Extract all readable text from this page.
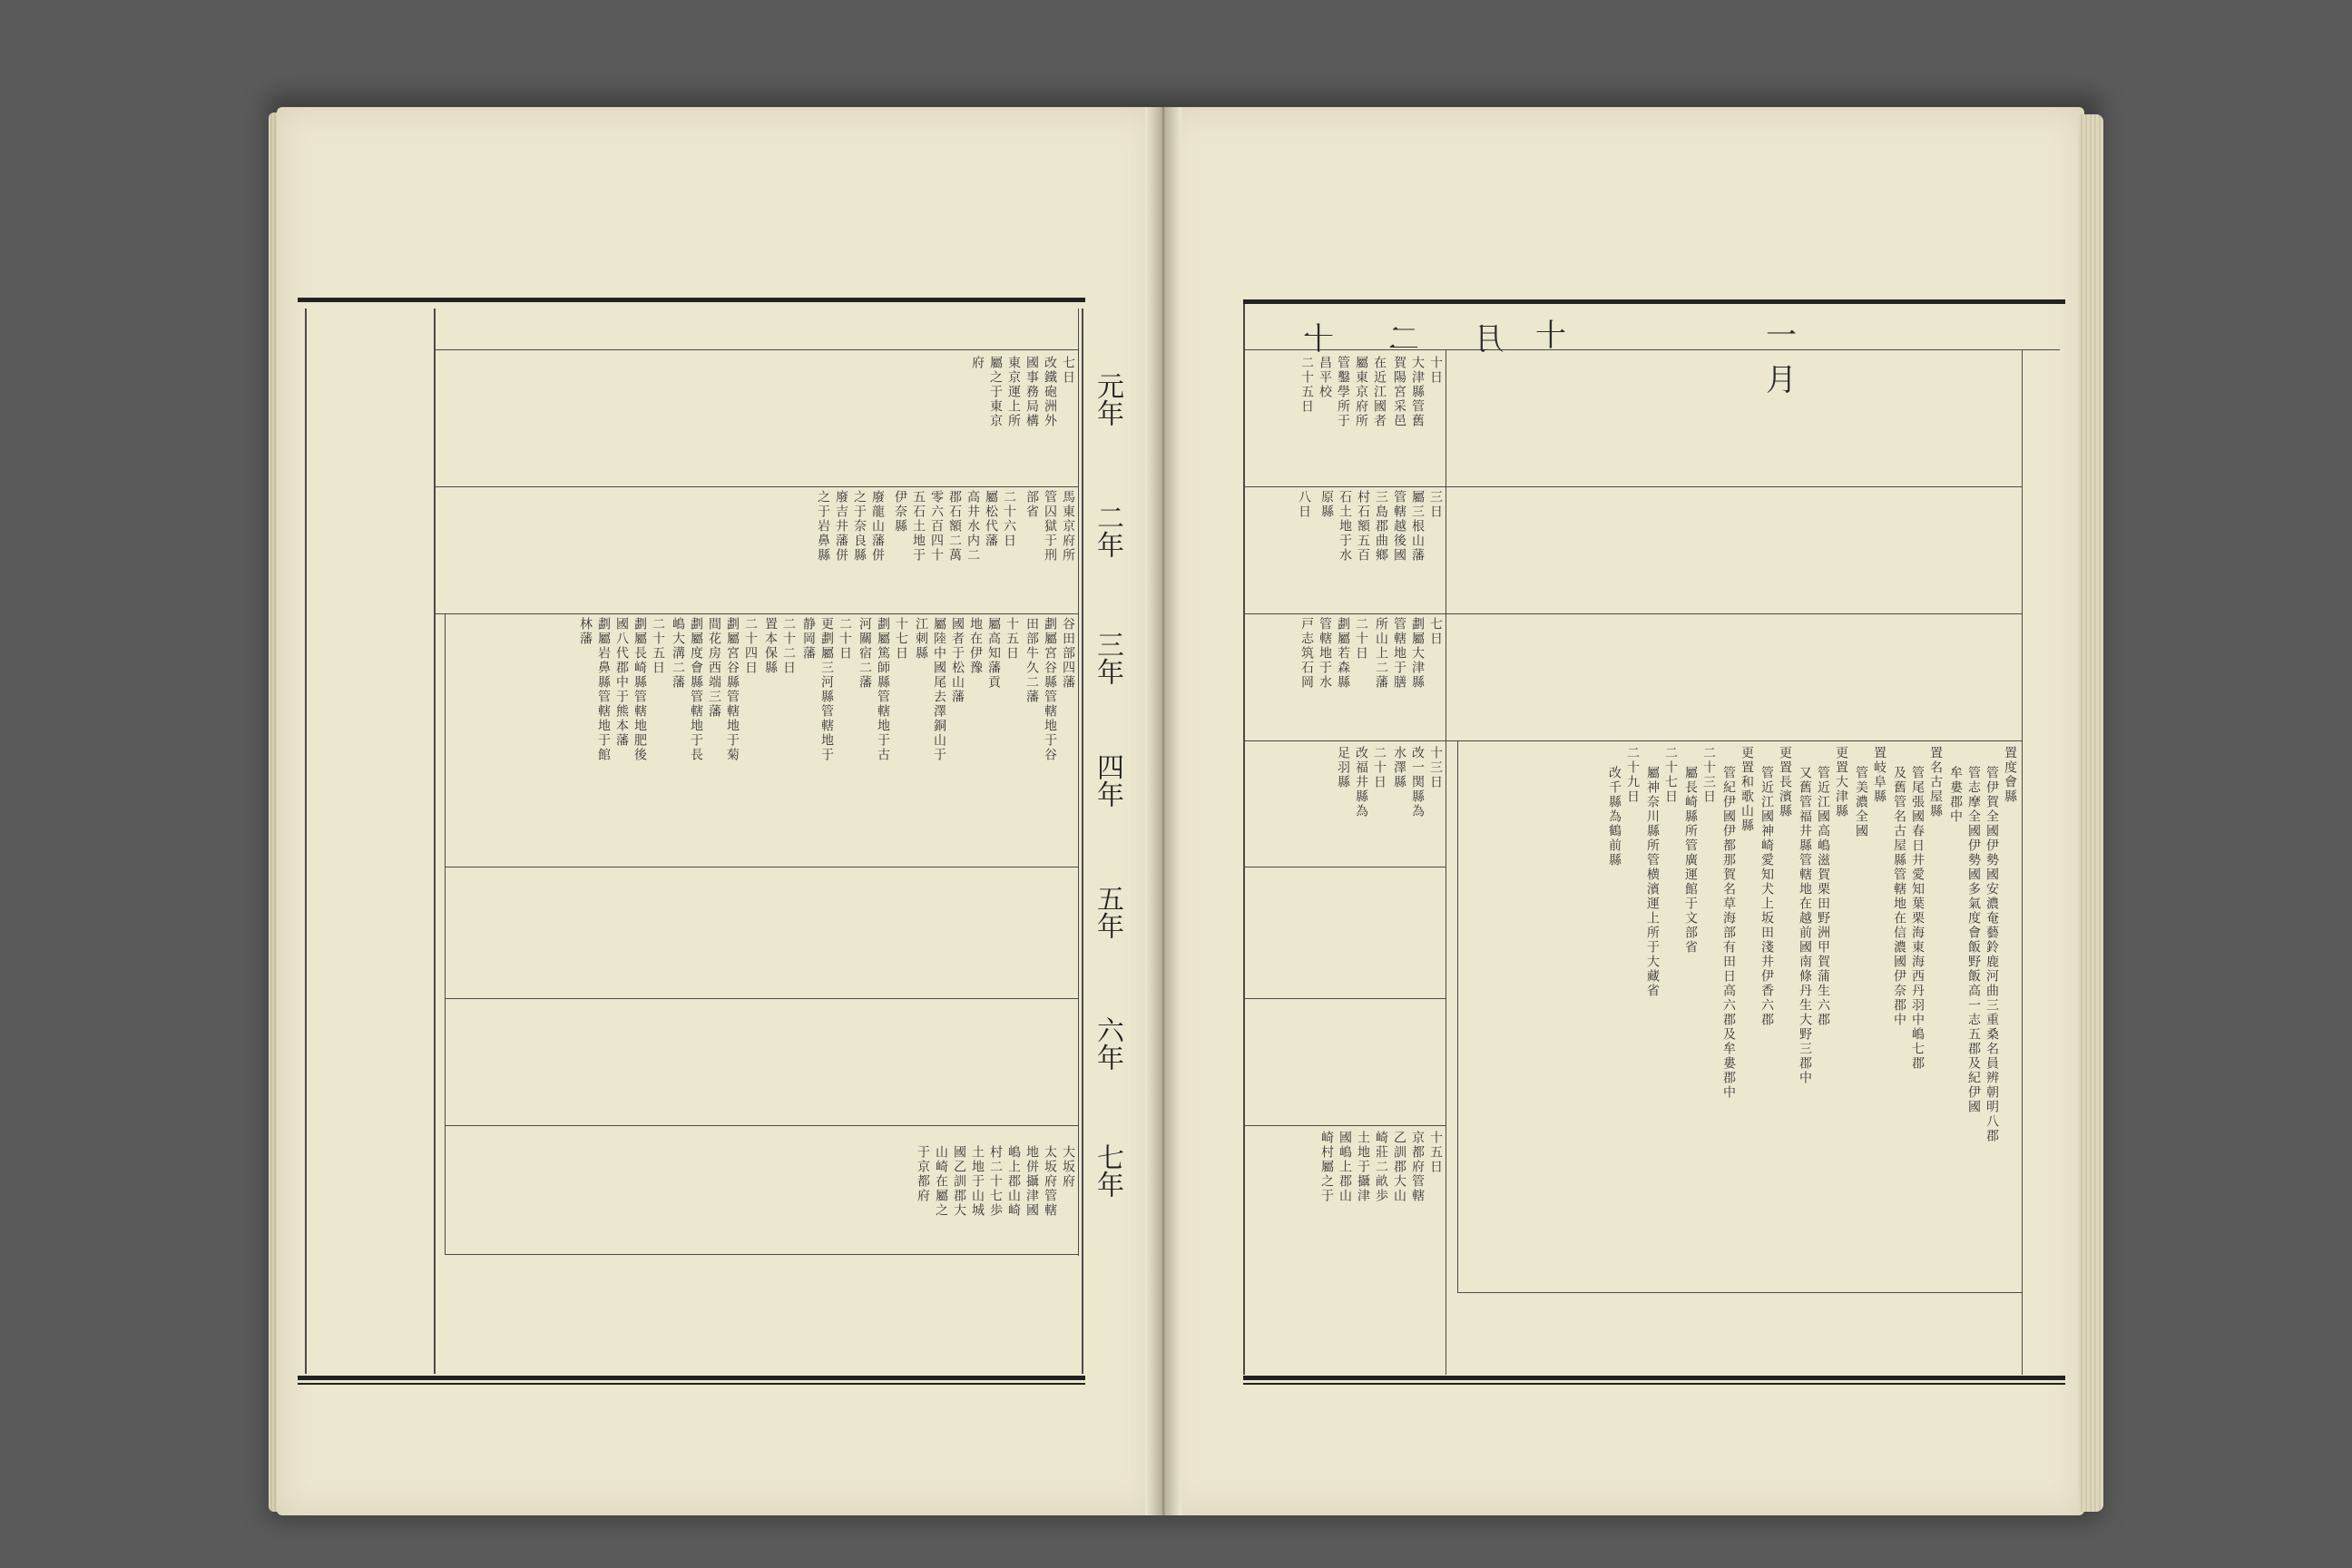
元年
二年
三年
四年
五年
六年
七年
七日
改鐵砲洲外
國事務局構
東京運上所
屬之于東京
府
馬東京府所
管囚獄于刑
部省
二十六日
屬松代藩
高井水内二
郡石額二萬
零六百四十
五石土地于
伊奈縣
廢龍山藩併
之于奈良縣
廢吉井藩併
之于岩鼻縣
谷田部四藩
劃屬宮谷縣管轄地于谷
田部牛久二藩
十五日
屬高知藩貢
地在伊豫
國者于松山藩
屬陸中國尾去澤銅山于
江刺縣
十七日
劃屬篤師縣管轄地于古
河關宿二藩
二十日
更劃屬三河縣管轄地于
静岡藩
二十二日
置本保縣
二十四日
劃屬宮谷縣管轄地于菊
間花房西端三藩
劃屬度會縣管轄地于長
嶋大溝二藩
二十五日
劃屬長崎縣管轄地肥後
國八代郡中于熊本藩
劃屬岩鼻縣管轄地于館
林藩
大坂府
太坂府管轄
地併攝津國
嶋上郡山崎
村二十七歩
土地于山城
國乙訓郡大
山崎在屬之
于京都府
十二月	十一月
十日
大津縣管舊
賀陽宮采邑
在近江國者
屬東京府所
管鑿學所于
昌平校
二十五日
三日
屬三根山藩
管轄越後國
三島郡曲鄉
村石額五百
石土地于水
原縣
八日
七日
劃屬大津縣
管轄地于膳
所山上二藩
二十日
劃屬若森縣
管轄地于水
戸志筑石岡
置度會縣
管伊賀全國伊勢國安濃奄藝鈴鹿河曲三重桑名員辨朝明八郡
管志摩全國伊勢國多氣度會飯野飯高一志五郡及紀伊國
牟婁郡中
置名古屋縣
管尾張國春日井愛知葉栗海東海西丹羽中嶋七郡
及舊管名古屋縣管轄地在信濃國伊奈郡中
置岐阜縣
管美濃全國
更置大津縣
管近江國高嶋滋賀栗田野洲甲賀蒲生六郡
又舊管福井縣管轄地在越前國南條丹生大野三郡中
更置長濱縣
管近江國神崎愛知犬上坂田淺井伊香六郡
更置和歌山縣
管紀伊國伊都那賀名草海部有田日高六郡及牟婁郡中
二十三日
屬長崎縣所管廣運館于文部省
二十七日
屬神奈川縣所管横濱運上所于大藏省
二十九日
改千縣為鶴前縣
十三日
改一関縣為
水澤縣
二十日
改福井縣為
足羽縣
十五日
京都府管轄
乙訓郡大山
崎莊二畝歩
土地于攝津
國嶋上郡山
崎村屬之于
